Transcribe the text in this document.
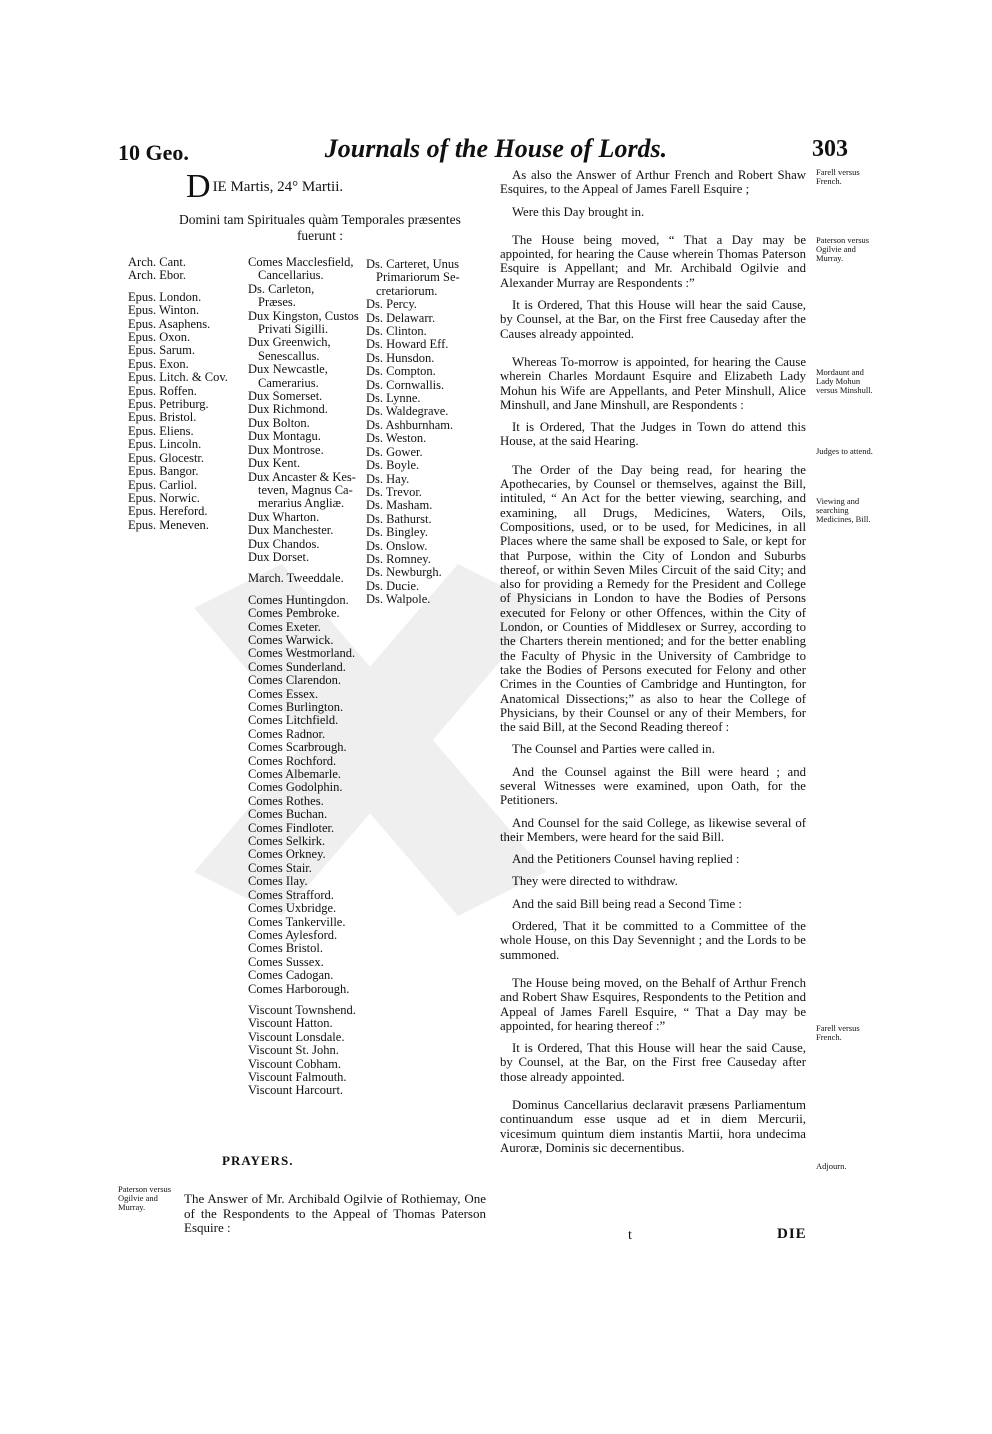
10 Geo.	Journals of the House of Lords.	303
DIE Martis, 24° Martii.
Domini tam Spirituales quàm Temporales præsentes fuerunt :
Arch. Cant.
Arch. Ebor.
Epus. London.
Epus. Winton.
Epus. Asaphens.
Epus. Oxon.
Epus. Sarum.
Epus. Exon.
Epus. Litch. & Cov.
Epus. Roffen.
Epus. Petriburg.
Epus. Bristol.
Epus. Eliens.
Epus. Lincoln.
Epus. Glocestr.
Epus. Bangor.
Epus. Carliol.
Epus. Norwic.
Epus. Hereford.
Epus. Meneven.
Comes Macclesfield,
Cancellarius.
Ds. Carleton,
Præses.
Dux Kingston, Custos
Privati Sigilli.
Dux Greenwich,
Senescallus.
Dux Newcastle,
Camerarius.
Dux Somerset.
Dux Richmond.
Dux Bolton.
Dux Montagu.
Dux Montrose.
Dux Kent.
Dux Ancaster & Kes-
teven, Magnus Ca-
merarius Angliæ.
Dux Wharton.
Dux Manchester.
Dux Chandos.
Dux Dorset.
March. Tweeddale.
Comes Huntingdon.
Comes Pembroke.
Comes Exeter.
Comes Warwick.
Comes Westmorland.
Comes Sunderland.
Comes Clarendon.
Comes Essex.
Comes Burlington.
Comes Litchfield.
Comes Radnor.
Comes Scarbrough.
Comes Rochford.
Comes Albemarle.
Comes Godolphin.
Comes Rothes.
Comes Buchan.
Comes Findloter.
Comes Selkirk.
Comes Orkney.
Comes Stair.
Comes Ilay.
Comes Strafford.
Comes Uxbridge.
Comes Tankerville.
Comes Aylesford.
Comes Bristol.
Comes Sussex.
Comes Cadogan.
Comes Harborough.
Viscount Townshend.
Viscount Hatton.
Viscount Lonsdale.
Viscount St. John.
Viscount Cobham.
Viscount Falmouth.
Viscount Harcourt.
Ds. Carteret, Unus
Primariorum Se-
cretariorum.
Ds. Percy.
Ds. Delawarr.
Ds. Clinton.
Ds. Howard Eff.
Ds. Hunsdon.
Ds. Compton.
Ds. Cornwallis.
Ds. Lynne.
Ds. Waldegrave.
Ds. Ashburnham.
Ds. Weston.
Ds. Gower.
Ds. Boyle.
Ds. Hay.
Ds. Trevor.
Ds. Masham.
Ds. Bathurst.
Ds. Bingley.
Ds. Onslow.
Ds. Romney.
Ds. Newburgh.
Ds. Ducie.
Ds. Walpole.
PRAYERS.
Paterson versus Ogilvie and Murray.
The Answer of Mr. Archibald Ogilvie of Rothiemay, One of the Respondents to the Appeal of Thomas Paterson Esquire :

As also the Answer of Arthur French and Robert Shaw Esquires, to the Appeal of James Farell Esquire ;

Were this Day brought in.

The House being moved, “ That a Day may be appointed, for hearing the Cause wherein Thomas Paterson Esquire is Appellant; and Mr. Archibald Ogilvie and Alexander Murray are Respondents :”

It is Ordered, That this House will hear the said Cause, by Counsel, at the Bar, on the First free Causeday after the Causes already appointed.

Whereas To-morrow is appointed, for hearing the Cause wherein Charles Mordaunt Esquire and Elizabeth Lady Mohun his Wife are Appellants, and Peter Minshull, Alice Minshull, and Jane Minshull, are Respondents :

It is Ordered, That the Judges in Town do attend this House, at the said Hearing.

The Order of the Day being read, for hearing the Apothecaries, by Counsel or themselves, against the Bill, intituled, “ An Act for the better viewing, searching, and examining, all Drugs, Medicines, Waters, Oils, Compositions, used, or to be used, for Medicines, in all Places where the same shall be exposed to Sale, or kept for that Purpose, within the City of London and Suburbs thereof, or within Seven Miles Circuit of the said City; and also for providing a Remedy for the President and College of Physicians in London to have the Bodies of Persons executed for Felony or other Offences, within the City of London, or Counties of Middlesex or Surrey, according to the Charters therein mentioned; and for the better enabling the Faculty of Physic in the University of Cambridge to take the Bodies of Persons executed for Felony and other Crimes in the Counties of Cambridge and Huntington, for Anatomical Dissections;” as also to hear the College of Physicians, by their Counsel or any of their Members, for the said Bill, at the Second Reading thereof :

The Counsel and Parties were called in.

And the Counsel against the Bill were heard ; and several Witnesses were examined, upon Oath, for the Petitioners.

And Counsel for the said College, as likewise several of their Members, were heard for the said Bill.

And the Petitioners Counsel having replied :

They were directed to withdraw.

And the said Bill being read a Second Time :

Ordered, That it be committed to a Committee of the whole House, on this Day Sevennight ; and the Lords to be summoned.

The House being moved, on the Behalf of Arthur French and Robert Shaw Esquires, Respondents to the Petition and Appeal of James Farell Esquire, “ That a Day may be appointed, for hearing thereof :”

It is Ordered, That this House will hear the said Cause, by Counsel, at the Bar, on the First free Causeday after those already appointed.

Dominus Cancellarius declaravit præsens Parliamentum continuandum esse usque ad et in diem Mercurii, vicesimum quintum diem instantis Martii, hora undecima Auroræ, Dominis sic decernentibus.

Farell versus French.
Paterson versus Ogilvie and Murray.
Mordaunt and Lady Mohun versus Minshull.
Judges to attend.
Viewing and searching Medicines, Bill.
Farell versus French.
Adjourn.
t	DIE
